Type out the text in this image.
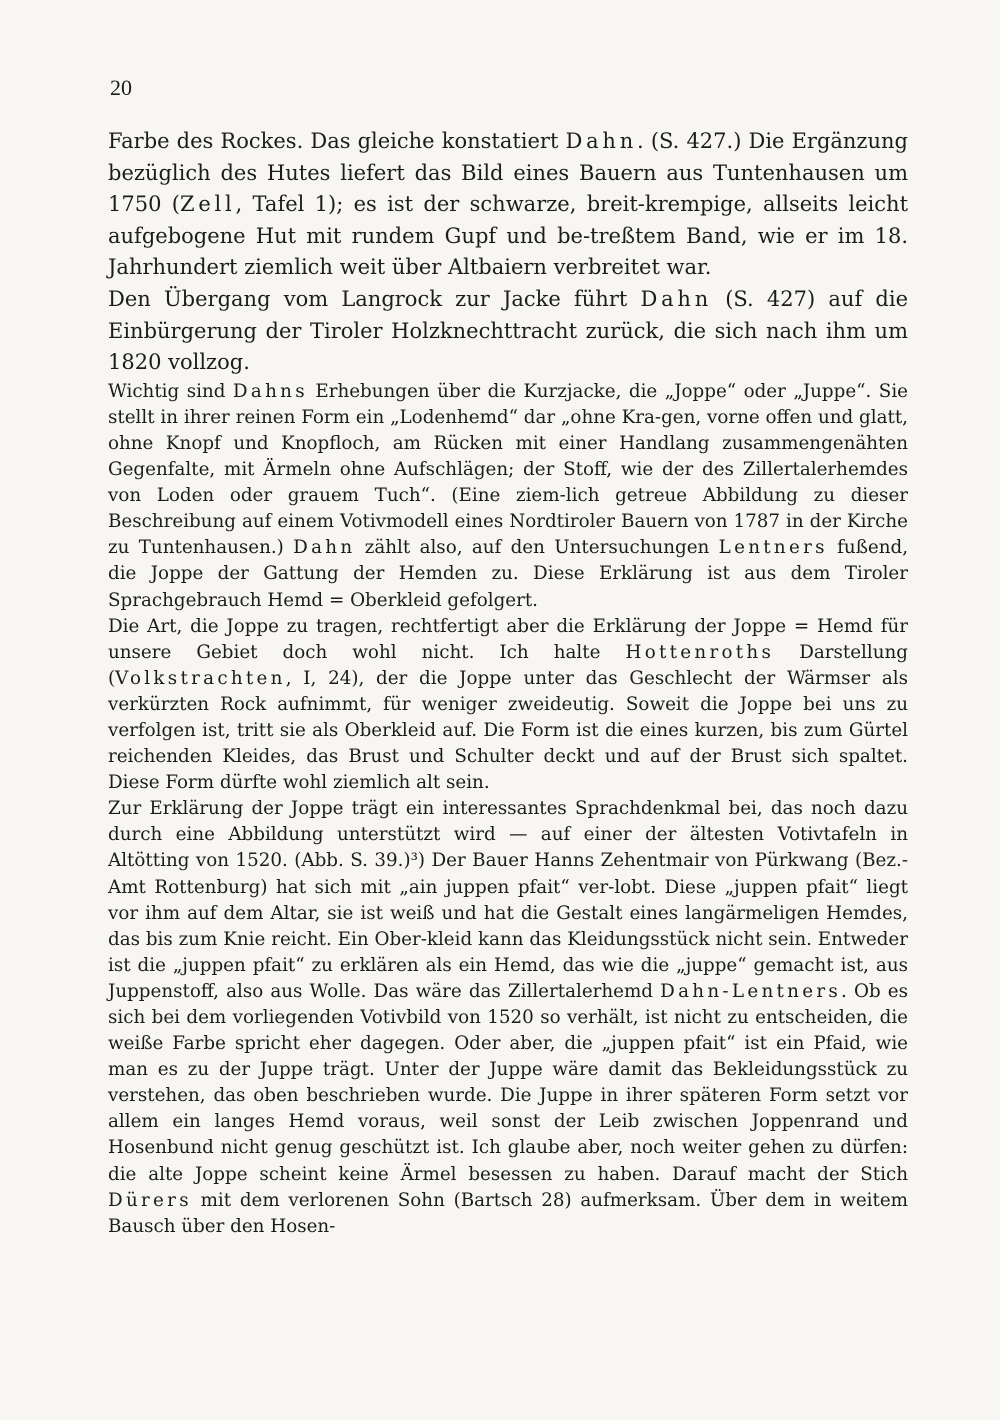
20

Farbe des Rockes. Das gleiche konstatiert Dahn. (S. 427.) Die Ergänzung bezüglich des Hutes liefert das Bild eines Bauern aus Tuntenhausen um 1750 (Zell, Tafel 1); es ist der schwarze, breit-krempige, allseits leicht aufgebogene Hut mit rundem Gupf und be-treßtem Band, wie er im 18. Jahrhundert ziemlich weit über Altbaiern verbreitet war.

Den Übergang vom Langrock zur Jacke führt Dahn (S. 427) auf die Einbürgerung der Tiroler Holzknechttracht zurück, die sich nach ihm um 1820 vollzog.

Wichtig sind Dahns Erhebungen über die Kurzjacke, die „Joppe“ oder „Juppe“. Sie stellt in ihrer reinen Form ein „Lodenhemd“ dar „ohne Kra-gen, vorne offen und glatt, ohne Knopf und Knopfloch, am Rücken mit einer Handlang zusammengenähten Gegenfalte, mit Ärmeln ohne Aufschlägen; der Stoff, wie der des Zillertalerhemdes von Loden oder grauem Tuch“. (Eine ziem-lich getreue Abbildung zu dieser Beschreibung auf einem Votivmodell eines Nordtiroler Bauern von 1787 in der Kirche zu Tuntenhausen.) Dahn zählt also, auf den Untersuchungen Lentners fußend, die Joppe der Gattung der Hemden zu. Diese Erklärung ist aus dem Tiroler Sprachgebrauch Hemd = Oberkleid gefolgert.

Die Art, die Joppe zu tragen, rechtfertigt aber die Erklärung der Joppe = Hemd für unsere Gebiet doch wohl nicht. Ich halte Hottenroths Darstellung (Volkstrachten, I, 24), der die Joppe unter das Geschlecht der Wärmser als verkürzten Rock aufnimmt, für weniger zweideutig. Soweit die Joppe bei uns zu verfolgen ist, tritt sie als Oberkleid auf. Die Form ist die eines kurzen, bis zum Gürtel reichenden Kleides, das Brust und Schulter deckt und auf der Brust sich spaltet. Diese Form dürfte wohl ziemlich alt sein.

Zur Erklärung der Joppe trägt ein interessantes Sprachdenkmal bei, das noch dazu durch eine Abbildung unterstützt wird — auf einer der ältesten Votivtafeln in Altötting von 1520. (Abb. S. 39.)³) Der Bauer Hanns Zehentmair von Pürkwang (Bez.-Amt Rottenburg) hat sich mit „ain juppen pfait“ ver-lobt. Diese „juppen pfait“ liegt vor ihm auf dem Altar, sie ist weiß und hat die Gestalt eines langärmeligen Hemdes, das bis zum Knie reicht. Ein Ober-kleid kann das Kleidungsstück nicht sein. Entweder ist die „juppen pfait“ zu erklären als ein Hemd, das wie die „juppe“ gemacht ist, aus Juppenstoff, also aus Wolle. Das wäre das Zillertalerhemd Dahn-Lentners. Ob es sich bei dem vorliegenden Votivbild von 1520 so verhält, ist nicht zu entscheiden, die weiße Farbe spricht eher dagegen. Oder aber, die „juppen pfait“ ist ein Pfaid, wie man es zu der Juppe trägt. Unter der Juppe wäre damit das Bekleidungsstück zu verstehen, das oben beschrieben wurde. Die Juppe in ihrer späteren Form setzt vor allem ein langes Hemd voraus, weil sonst der Leib zwischen Joppenrand und Hosenbund nicht genug geschützt ist. Ich glaube aber, noch weiter gehen zu dürfen: die alte Joppe scheint keine Ärmel besessen zu haben. Darauf macht der Stich Dürers mit dem verlorenen Sohn (Bartsch 28) aufmerksam. Über dem in weitem Bausch über den Hosen-
